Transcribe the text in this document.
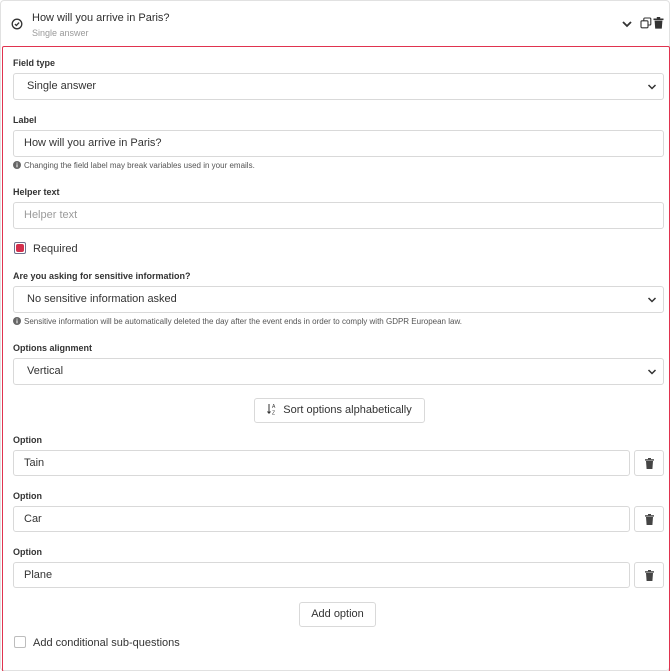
How will you arrive in Paris?
Single answer
Field type
Single answer
Label
How will you arrive in Paris?
Changing the field label may break variables used in your emails.
Helper text
Helper text
Required
Are you asking for sensitive information?
No sensitive information asked
Sensitive information will be automatically deleted the day after the event ends in order to comply with GDPR European law.
Options alignment
Vertical
A
Z Sort options alphabetically
Option
Tain
Option
Car
Option
Plane
Add option
Add conditional sub-questions
